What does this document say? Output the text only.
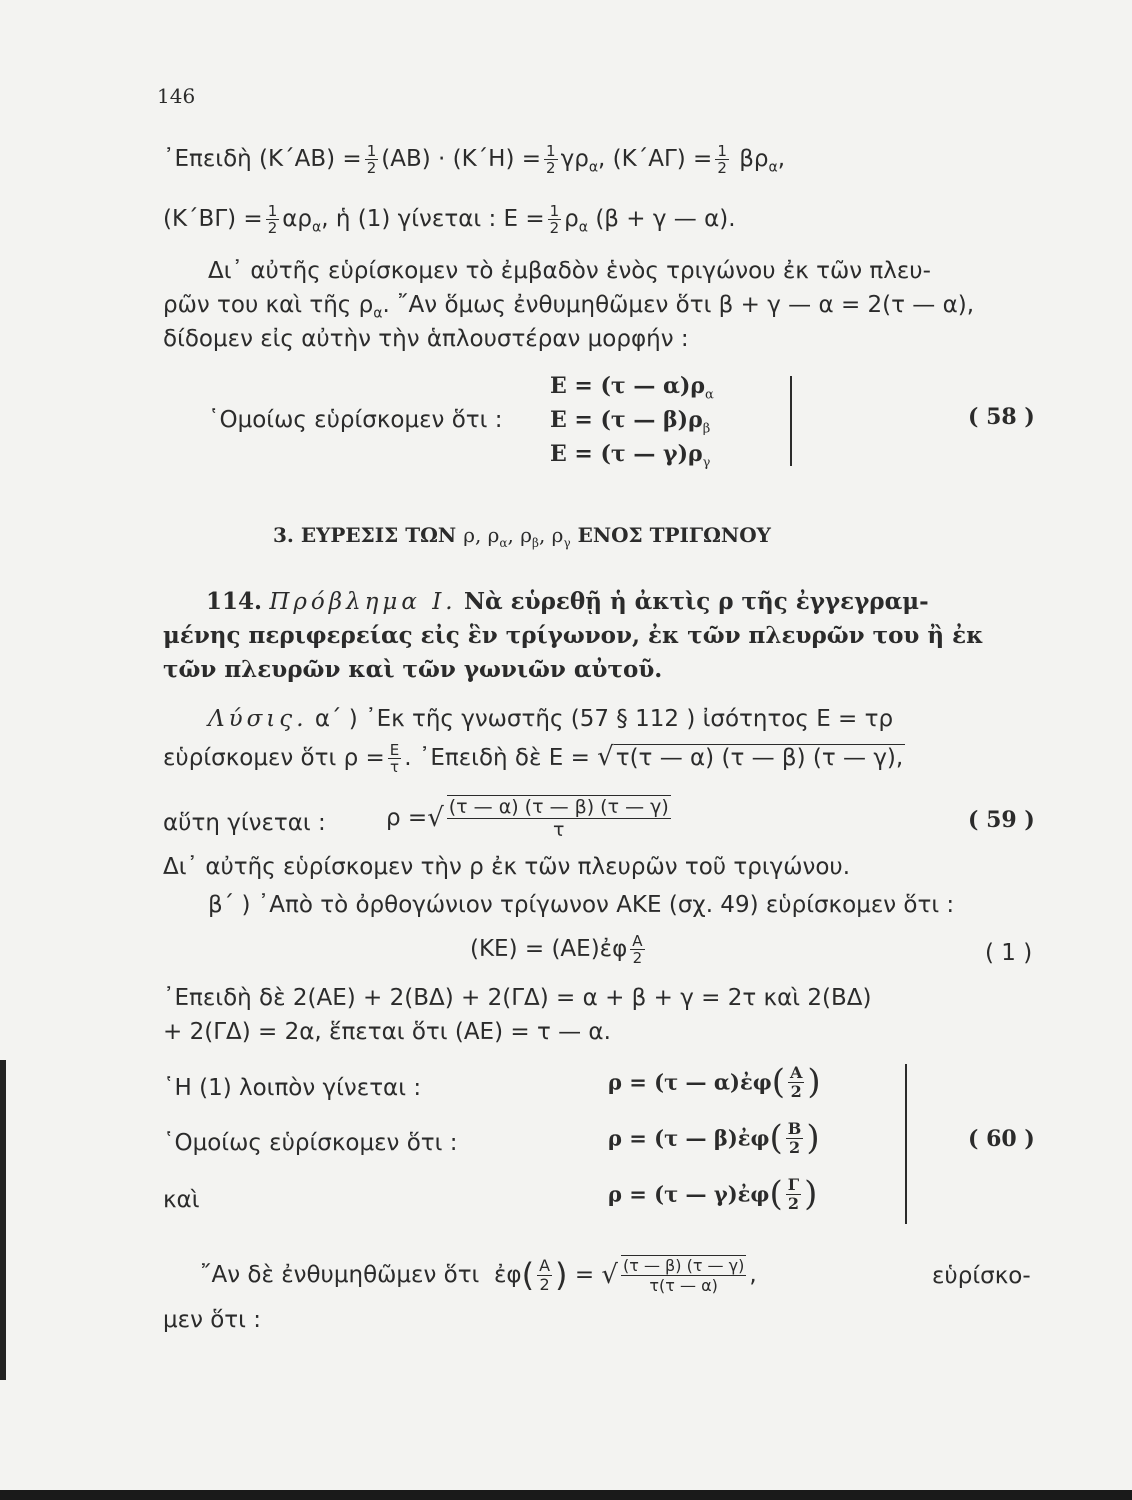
146
᾿Επειδὴ $(K΄AB) = \frac{1}{2} (AB) \cdot (K΄H) = \frac{1}{2} \gamma\rho_\alpha$, $(K΄A\Gamma) = \frac{1}{2} \beta\rho_\alpha$,
$(K΄B\Gamma) = \frac{1}{2} \alpha\rho_\alpha$, ἡ (1) γίνεται : $E = \frac{1}{2} \rho_\alpha$ (β + γ — α).
Δι᾿ αὐτῆς εὑρίσκομεν τὸ ἐμβαδὸν ἑνὸς τριγώνου ἐκ τῶν πλευ-
ρῶν του καὶ τῆς $\rho_\alpha$. ῎Αν ὅμως ἐνθυμηθῶμεν ὅτι β + γ — α = 2(τ — α),
δίδομεν εἰς αὐτὴν τὴν ἁπλουστέραν μορφήν :
῾Ομοίως εὑρίσκομεν ὅτι :
Ε = (τ — $\alpha)\rho_\alpha$
Ε = (τ — $\beta)\rho_\beta$
Ε = (τ — $\gamma)\rho_\gamma$
( 58 )
3. ΕΥΡΕΣΙΣ ΤΩΝ ρ, $\rho_\alpha$, $\rho_\beta$, $\rho_\gamma$ ΕΝΟΣ ΤΡΙΓΩΝΟΥ
114. Πρόβλημα Ι. Νὰ εὑρεθῇ ἡ ἀκτὶς ρ τῆς ἐγγεγραμ-
μένης περιφερείας εἰς ἓν τρίγωνον, ἐκ τῶν πλευρῶν του ἢ ἐκ
τῶν πλευρῶν καὶ τῶν γωνιῶν αὐτοῦ.
Λύσις. α΄ ) ᾿Εκ τῆς γνωστῆς (57 § 112 ) ἰσότητος Ε = τρ
εὑρίσκομεν ὅτι $\rho = \frac{E}{\tau}$ . ᾿Επειδὴ δὲ Ε = √τ(τ — α) (τ — β) (τ — γ),
αὕτη γίνεται :	ρ =√ $\frac{(\tau — \alpha) (\tau — \beta) (\tau — \gamma)}{\tau}$	( 59 )
Δι᾿ αὐτῆς εὑρίσκομεν τὴν ρ ἐκ τῶν πλευρῶν τοῦ τριγώνου.
β΄ ) ᾿Απὸ τὸ ὀρθογώνιον τρίγωνον ΑΚΕ (σχ. 49) εὑρίσκομεν ὅτι :
(ΚΕ) = (ΑΕ)ἐφ $\frac{A}{2}$	( 1 )
᾿Επειδὴ δὲ 2(ΑΕ) + 2(ΒΔ) + 2(ΓΔ) = α + β + γ = 2τ καὶ 2(ΒΔ)
+ 2(ΓΔ) = 2α, ἕπεται ὅτι (ΑΕ) = τ — α.
῾Η (1) λοιπὸν γίνεται :
῾Ομοίως εὑρίσκομεν ὅτι :
καὶ
ρ = (τ — α)ἐφ( $\frac{A}{2}$ )
ρ = (τ — β)ἐφ( $\frac{B}{2}$ )
ρ = (τ — γ)ἐφ( $\frac{\Gamma}{2}$ )
( 60 )
῎Αν δὲ ἐνθυμηθῶμεν ὅτι ἐφ( $\frac{A}{2}$ ) = √ $\frac{(\tau — \beta) (\tau — \gamma)}{\tau(\tau — \alpha)}$ ,	εὑρίσκο-
μεν ὅτι :
